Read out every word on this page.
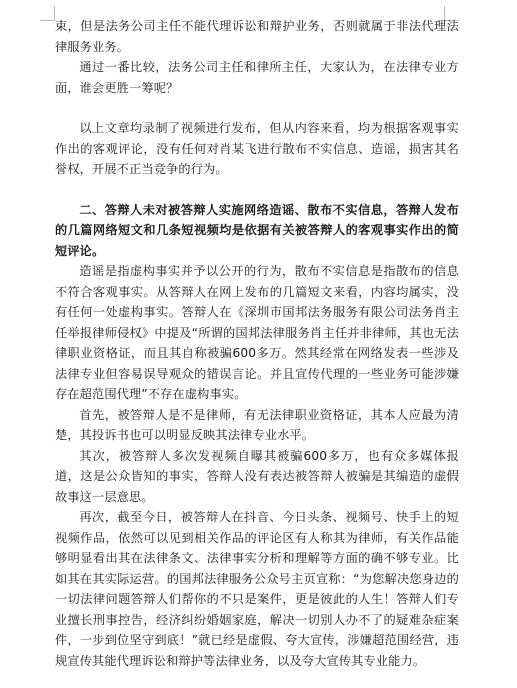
束，但是法务公司主任不能代理诉讼和辩护业务，否则就属于非法代理法律服务业务。

通过一番比较，法务公司主任和律所主任，大家认为，在法律专业方面，谁会更胜一筹呢？

以上文章均录制了视频进行发布，但从内容来看，均为根据客观事实作出的客观评论，没有任何对肖某飞进行散布不实信息、造谣，损害其名誉权，开展不正当竞争的行为。

二、答辩人未对被答辩人实施网络造谣、散布不实信息，答辩人发布的几篇网络短文和几条短视频均是依据有关被答辩人的客观事实作出的简短评论。

造谣是指虚构事实并予以公开的行为，散布不实信息是指散布的信息不符合客观事实。从答辩人在网上发布的几篇短文来看，内容均属实，没有任何一处虚构事实。答辩人在《深圳市国邦法务服务有限公司法务肖主任举报律师侵权》中提及“所谓的国邦法律服务肖主任并非律师，其也无法律职业资格证，而且其自称被骗600多万。然其经常在网络发表一些涉及法律专业但容易误导观众的错误言论。并且宣传代理的一些业务可能涉嫌存在超范围代理”不存在虚构事实。

首先，被答辩人是不是律师，有无法律职业资格证，其本人应最为清楚，其投诉书也可以明显反映其法律专业水平。

其次，被答辩人多次发视频自曝其被骗600多万，也有众多媒体报道，这是公众皆知的事实，答辩人没有表达被答辩人被骗是其编造的虚假故事这一层意思。

再次，截至今日，被答辩人在抖音、今日头条、视频号、快手上的短视频作品，依然可以见到相关作品的评论区有人称其为律师，有关作品能够明显看出其在法律条文、法律事实分析和理解等方面的确不够专业。比如其在其实际运营。的国邦法律服务公众号主页宣称：“为您解决您身边的一切法律问题答辩人们帮你的不只是案件，更是彼此的人生！答辩人们专业擅长刑事控告，经济纠纷婚姻家庭，解决一切别人办不了的疑难杂症案件，一步到位坚守到底！”就已经是虚假、夸大宣传，涉嫌超范围经营，违规宣传其能代理诉讼和辩护等法律业务，以及夸大宣传其专业能力。
